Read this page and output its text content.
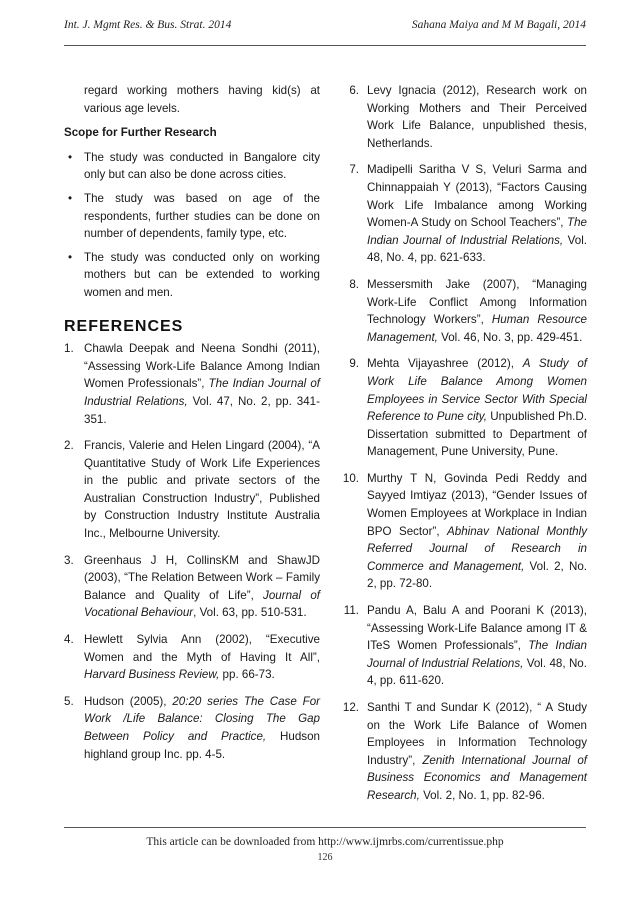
Int. J. Mgmt Res. & Bus. Strat. 2014	Sahana Maiya and M M Bagali, 2014

regard working mothers having kid(s) at various age levels.

Scope for Further Research

• The study was conducted in Bangalore city only but can also be done across cities.
• The study was based on age of the respondents, further studies can be done on number of dependents, family type, etc.
• The study was conducted only on working mothers but can be extended to working women and men.
REFERENCES
1. Chawla Deepak and Neena Sondhi (2011), “Assessing Work-Life Balance Among Indian Women Professionals”, The Indian Journal of Industrial Relations, Vol. 47, No. 2, pp. 341-351.
2. Francis, Valerie and Helen Lingard (2004), “A Quantitative Study of Work Life Experiences in the public and private sectors of the Australian Construction Industry”, Published by Construction Industry Institute Australia Inc., Melbourne University.
3. Greenhaus J H, CollinsKM and ShawJD (2003), “The Relation Between Work – Family Balance and Quality of Life”, Journal of Vocational Behaviour, Vol. 63, pp. 510-531.
4. Hewlett Sylvia Ann (2002), “Executive Women and the Myth of Having It All”, Harvard Business Review, pp. 66-73.
5. Hudson (2005), 20:20 series The Case For Work /Life Balance: Closing The Gap Between Policy and Practice, Hudson highland group Inc. pp. 4-5.
6. Levy Ignacia (2012), Research work on Working Mothers and Their Perceived Work Life Balance, unpublished thesis, Netherlands.
7. Madipelli Saritha V S, Veluri Sarma and Chinnappaiah Y (2013), “Factors Causing Work Life Imbalance among Working Women-A Study on School Teachers”, The Indian Journal of Industrial Relations, Vol. 48, No. 4, pp. 621-633.
8. Messersmith Jake (2007), “Managing Work-Life Conflict Among Information Technology Workers”, Human Resource Management, Vol. 46, No. 3, pp. 429-451.
9. Mehta Vijayashree (2012), A Study of Work Life Balance Among Women Employees in Service Sector With Special Reference to Pune city, Unpublished Ph.D. Dissertation submitted to Department of Management, Pune University, Pune.
10. Murthy T N, Govinda Pedi Reddy and Sayyed Imtiyaz (2013), “Gender Issues of Women Employees at Workplace in Indian BPO Sector”, Abhinav National Monthly Referred Journal of Research in Commerce and Management, Vol. 2, No. 2, pp. 72-80.
11. Pandu A, Balu A and Poorani K (2013), “Assessing Work-Life Balance among IT & ITeS Women Professionals”, The Indian Journal of Industrial Relations, Vol. 48, No. 4, pp. 611-620.
12. Santhi T and Sundar K (2012), “ A Study on the Work Life Balance of Women Employees in Information Technology Industry”, Zenith International Journal of Business Economics and Management Research, Vol. 2, No. 1, pp. 82-96.
This article can be downloaded from http://www.ijmrbs.com/currentissue.php
126
